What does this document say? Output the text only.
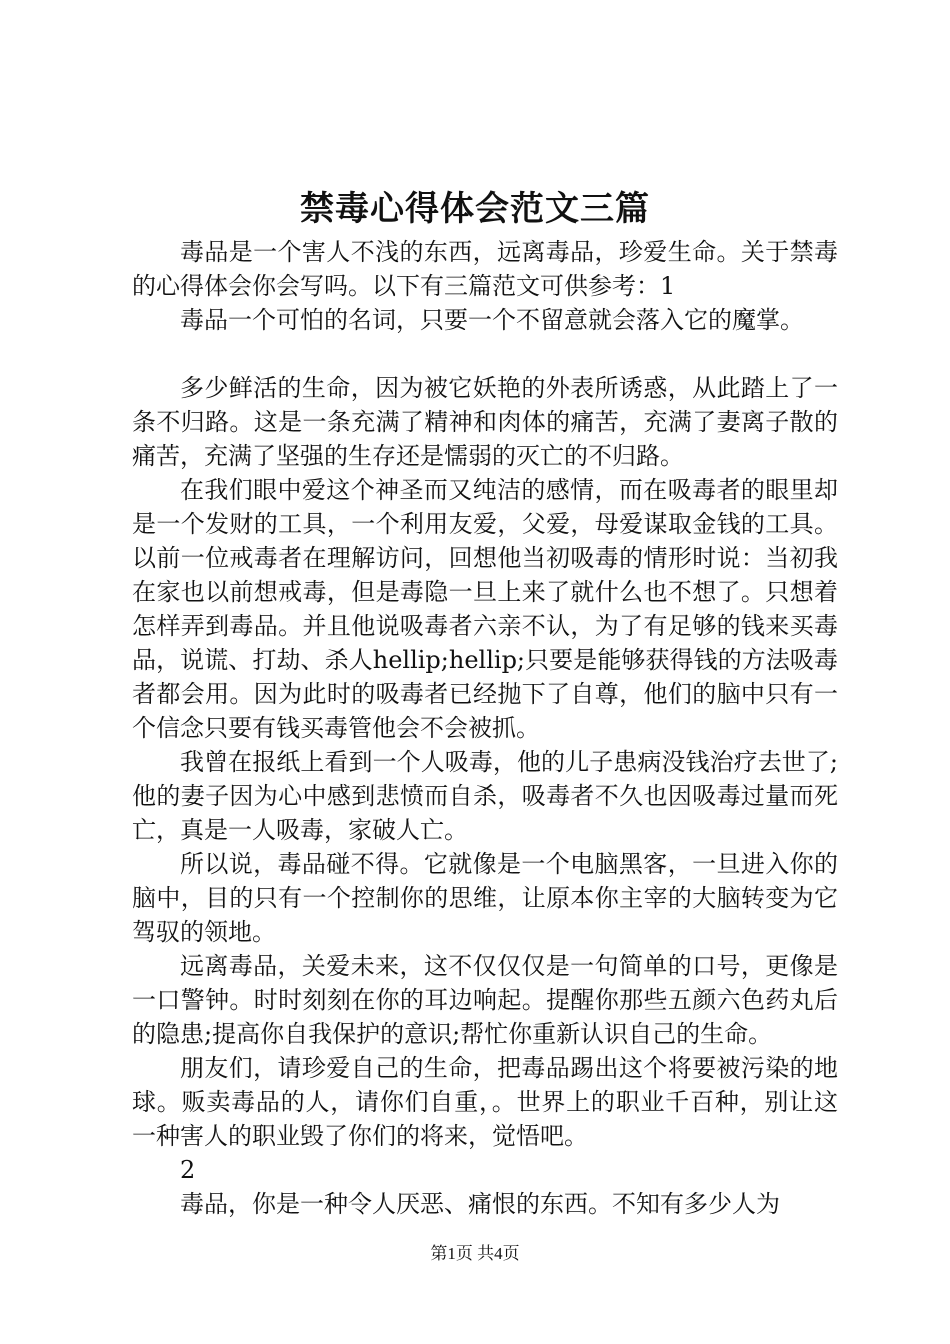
禁毒心得体会范文三篇

毒品是一个害人不浅的东西，远离毒品，珍爱生命。关于禁毒的心得体会你会写吗。以下有三篇范文可供参考：1

毒品一个可怕的名词，只要一个不留意就会落入它的魔掌。

多少鲜活的生命，因为被它妖艳的外表所诱惑，从此踏上了一条不归路。这是一条充满了精神和肉体的痛苦，充满了妻离子散的痛苦，充满了坚强的生存还是懦弱的灭亡的不归路。

在我们眼中爱这个神圣而又纯洁的感情，而在吸毒者的眼里却是一个发财的工具，一个利用友爱，父爱，母爱谋取金钱的工具。以前一位戒毒者在理解访问，回想他当初吸毒的情形时说：当初我在家也以前想戒毒，但是毒隐一旦上来了就什么也不想了。只想着怎样弄到毒品。并且他说吸毒者六亲不认，为了有足够的钱来买毒品，说谎、打劫、杀人hellip;hellip;只要是能够获得钱的方法吸毒者都会用。因为此时的吸毒者已经抛下了自尊，他们的脑中只有一个信念只要有钱买毒管他会不会被抓。

我曾在报纸上看到一个人吸毒，他的儿子患病没钱治疗去世了;他的妻子因为心中感到悲愤而自杀，吸毒者不久也因吸毒过量而死亡，真是一人吸毒，家破人亡。

所以说，毒品碰不得。它就像是一个电脑黑客，一旦进入你的脑中，目的只有一个控制你的思维，让原本你主宰的大脑转变为它驾驭的领地。

远离毒品，关爱未来，这不仅仅仅是一句简单的口号，更像是一口警钟。时时刻刻在你的耳边响起。提醒你那些五颜六色药丸后的隐患;提高你自我保护的意识;帮忙你重新认识自己的生命。

朋友们，请珍爱自己的生命，把毒品踢出这个将要被污染的地球。贩卖毒品的人，请你们自重，。世界上的职业千百种，别让这一种害人的职业毁了你们的将来，觉悟吧。

2

毒品，你是一种令人厌恶、痛恨的东西。不知有多少人为

第1页 共4页
